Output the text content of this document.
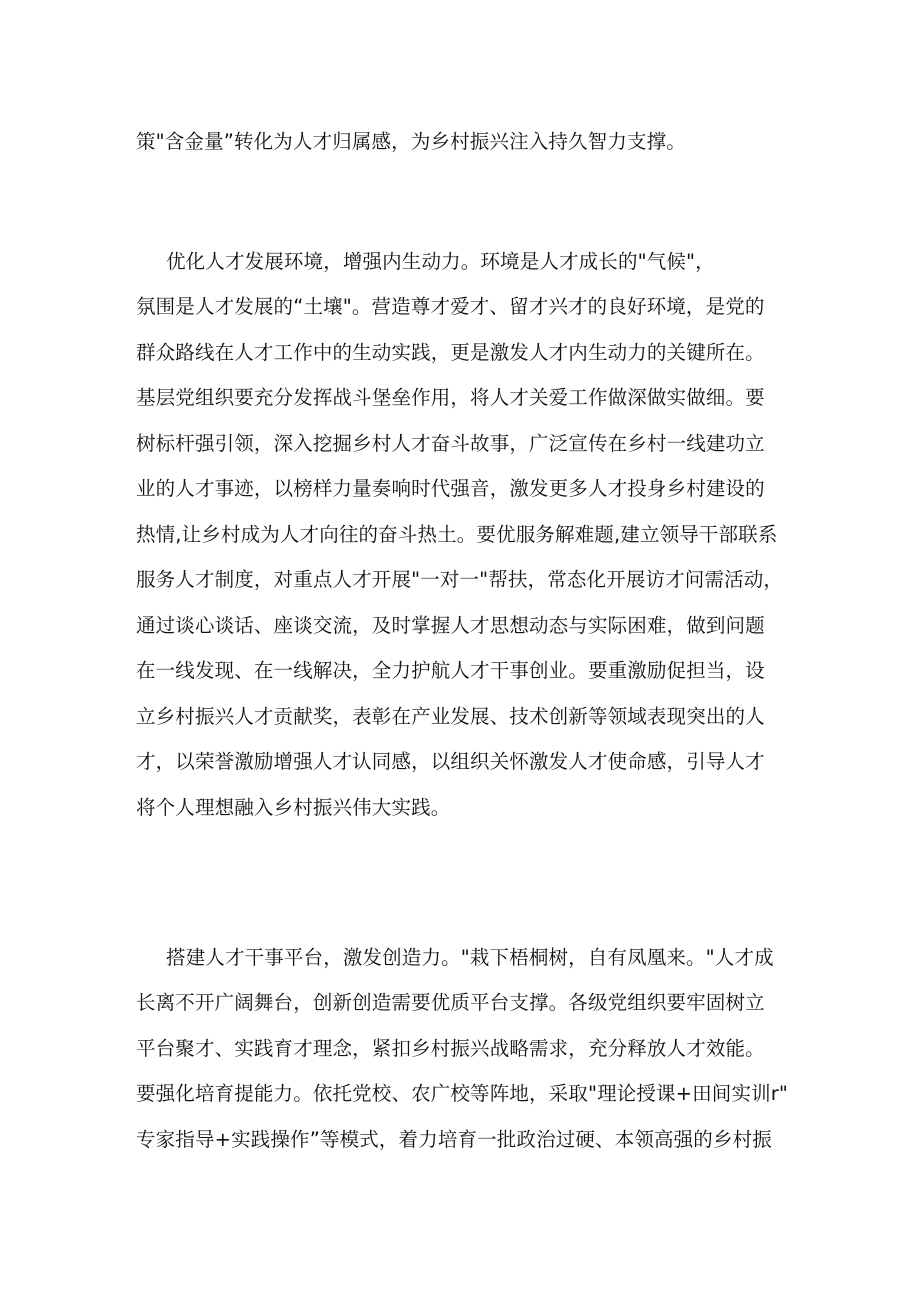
策"含金量”转化为人才归属感，为乡村振兴注入持久智力支撑。
优化人才发展环境，增强内生动力。环境是人才成长的"气候"，
氛围是人才发展的“土壤"。营造尊才爱才、留才兴才的良好环境，是党的
群众路线在人才工作中的生动实践，更是激发人才内生动力的关键所在。
基层党组织要充分发挥战斗堡垒作用，将人才关爱工作做深做实做细。要
树标杆强引领，深入挖掘乡村人才奋斗故事，广泛宣传在乡村一线建功立
业的人才事迹，以榜样力量奏响时代强音，激发更多人才投身乡村建设的
热情,让乡村成为人才向往的奋斗热土。要优服务解难题,建立领导干部联系
服务人才制度，对重点人才开展"一对一"帮扶，常态化开展访才问需活动，
通过谈心谈话、座谈交流，及时掌握人才思想动态与实际困难，做到问题
在一线发现、在一线解决，全力护航人才干事创业。要重激励促担当，设
立乡村振兴人才贡献奖，表彰在产业发展、技术创新等领域表现突出的人
才，以荣誉激励增强人才认同感，以组织关怀激发人才使命感，引导人才
将个人理想融入乡村振兴伟大实践。
搭建人才干事平台，激发创造力。"栽下梧桐树，自有凤凰来。"人才成
长离不开广阔舞台，创新创造需要优质平台支撑。各级党组织要牢固树立
平台聚才、实践育才理念，紧扣乡村振兴战略需求，充分释放人才效能。
要强化培育提能力。依托党校、农广校等阵地，采取"理论授课+田间实训r"
专家指导+实践操作”等模式，着力培育一批政治过硬、本领高强的乡村振
